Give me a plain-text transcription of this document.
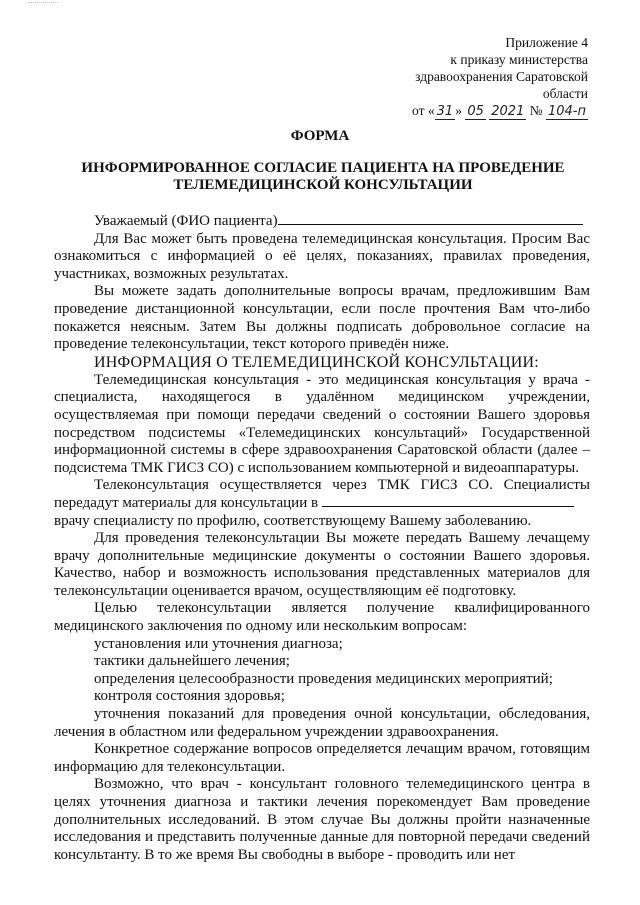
Приложение 4
к приказу министерства
здравоохранения Саратовской
области
от « 31 » 05 2021 № 104-п
ФОРМА
ИНФОРМИРОВАННОЕ СОГЛАСИЕ ПАЦИЕНТА НА ПРОВЕДЕНИЕ ТЕЛЕМЕДИЦИНСКОЙ КОНСУЛЬТАЦИИ

Уважаемый (ФИО пациента)

Для Вас может быть проведена телемедицинская консультация. Просим Вас ознакомиться с информацией о её целях, показаниях, правилах проведения, участниках, возможных результатах.

Вы можете задать дополнительные вопросы врачам, предложившим Вам проведение дистанционной консультации, если после прочтения Вам что-либо покажется неясным. Затем Вы должны подписать добровольное согласие на проведение телеконсультации, текст которого приведён ниже.

ИНФОРМАЦИЯ О ТЕЛЕМЕДИЦИНСКОЙ КОНСУЛЬТАЦИИ:

Телемедицинская консультация - это медицинская консультация у врача - специалиста, находящегося в удалённом медицинском учреждении, осуществляемая при помощи передачи сведений о состоянии Вашего здоровья посредством подсистемы «Телемедицинских консультаций» Государственной информационной системы в сфере здравоохранения Саратовской области (далее – подсистема ТМК ГИСЗ СО) с использованием компьютерной и видеоаппаратуры.

Телеконсультация осуществляется через ТМК ГИСЗ СО. Специалисты передадут материалы для консультации в

врачу специалисту по профилю, соответствующему Вашему заболеванию.

Для проведения телеконсультации Вы можете передать Вашему лечащему врачу дополнительные медицинские документы о состоянии Вашего здоровья. Качество, набор и возможность использования представленных материалов для телеконсультации оценивается врачом, осуществляющим её подготовку.

Целью телеконсультации является получение квалифицированного медицинского заключения по одному или нескольким вопросам:

установления или уточнения диагноза;

тактики дальнейшего лечения;

определения целесообразности проведения медицинских мероприятий;

контроля состояния здоровья;

уточнения показаний для проведения очной консультации, обследования, лечения в областном или федеральном учреждении здравоохранения.

Конкретное содержание вопросов определяется лечащим врачом, готовящим информацию для телеконсультации.

Возможно, что врач - консультант головного телемедицинского центра в целях уточнения диагноза и тактики лечения порекомендует Вам проведение дополнительных исследований. В этом случае Вы должны пройти назначенные исследования и представить полученные данные для повторной передачи сведений консультанту. В то же время Вы свободны в выборе - проводить или нет
